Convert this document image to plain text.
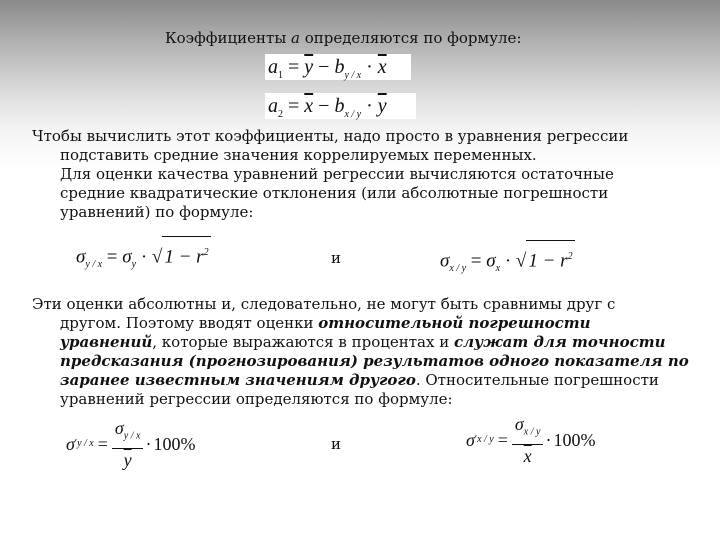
Коэффициенты a определяются по формуле:
$a_1 = \overline{y} - b_{y / x} \cdot \overline{x}$
$a_2 = \overline{x} - b_{x / y} \cdot \overline{y}$
Чтобы вычислить этот коэффициенты, надо просто в уравнения регрессии
подставить средние значения коррелируемых переменных.
Для оценки качества уравнений регрессии вычисляются остаточные
средние квадратические отклонения (или абсолютные погрешности
уравнений) по формуле:
$\sigma_{y / x} = \sigma_y$ · √ $1 - r^2$	и	$\sigma_{x / y} = \sigma_x$ · √ $1 - r^2$
Эти оценки абсолютны и, следовательно, не могут быть сравнимы друг с
другом. Поэтому вводят оценки относительной погрешности
уравнений, которые выражаются в процентах и служат для точности
предсказания (прогнозирования) результатов одного показателя по
заранее известным значениям другого. Относительные погрешности
уравнений регрессии определяются по формуле:
σ ′ $y / x = \frac{\sigma_{y / x}}{y} \cdot 100\%$	и	σ ′ $x / y = \frac{\sigma_{x / y}}{x} \cdot 100\%$
